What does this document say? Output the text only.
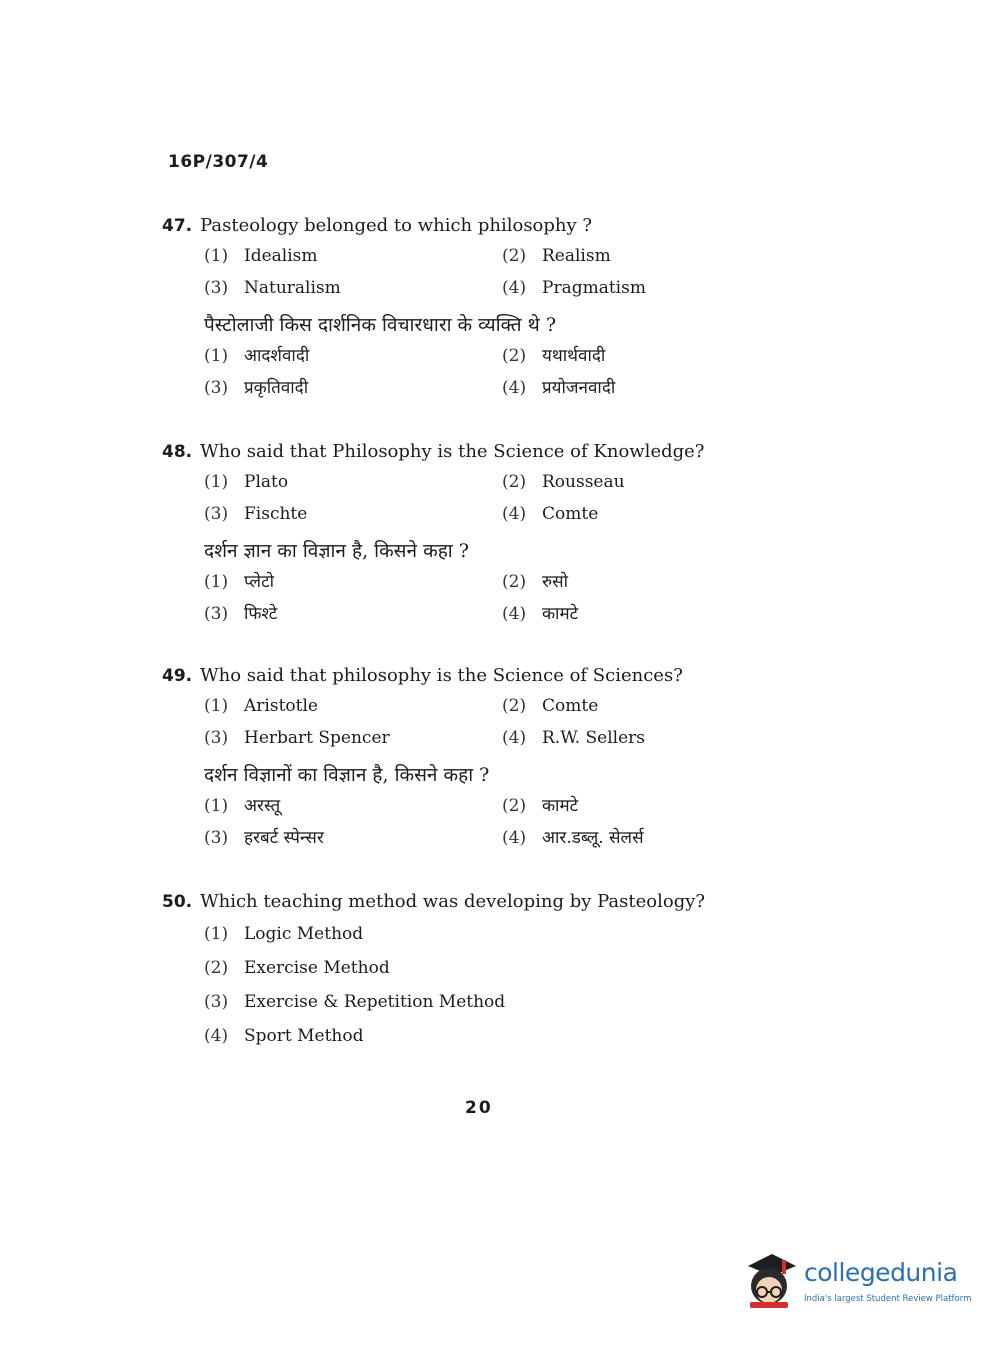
16P/307/4
47. Pasteology belonged to which philosophy ?
(1) Idealism	(2) Realism
(3) Naturalism	(4) Pragmatism
पैस्टोलाजी किस दार्शनिक विचारधारा के व्यक्ति थे ?
(1) आदर्शवादी	(2) यथार्थवादी
(3) प्रकृतिवादी	(4) प्रयोजनवादी
48. Who said that Philosophy is the Science of Knowledge?
(1) Plato	(2) Rousseau
(3) Fischte	(4) Comte
दर्शन ज्ञान का विज्ञान है, किसने कहा ?
(1) प्लेटो	(2) रुसो
(3) फिश्टे	(4) कामटे
49. Who said that philosophy is the Science of Sciences?
(1) Aristotle	(2) Comte
(3) Herbart Spencer	(4) R.W. Sellers
दर्शन विज्ञानों का विज्ञान है, किसने कहा ?
(1) अरस्तू	(2) कामटे
(3) हरबर्ट स्पेन्सर	(4) आर.डब्लू. सेलर्स
50. Which teaching method was developing by Pasteology?
(1) Logic Method
(2) Exercise Method
(3) Exercise & Repetition Method
(4) Sport Method
20
collegedunia
India's largest Student Review Platform
